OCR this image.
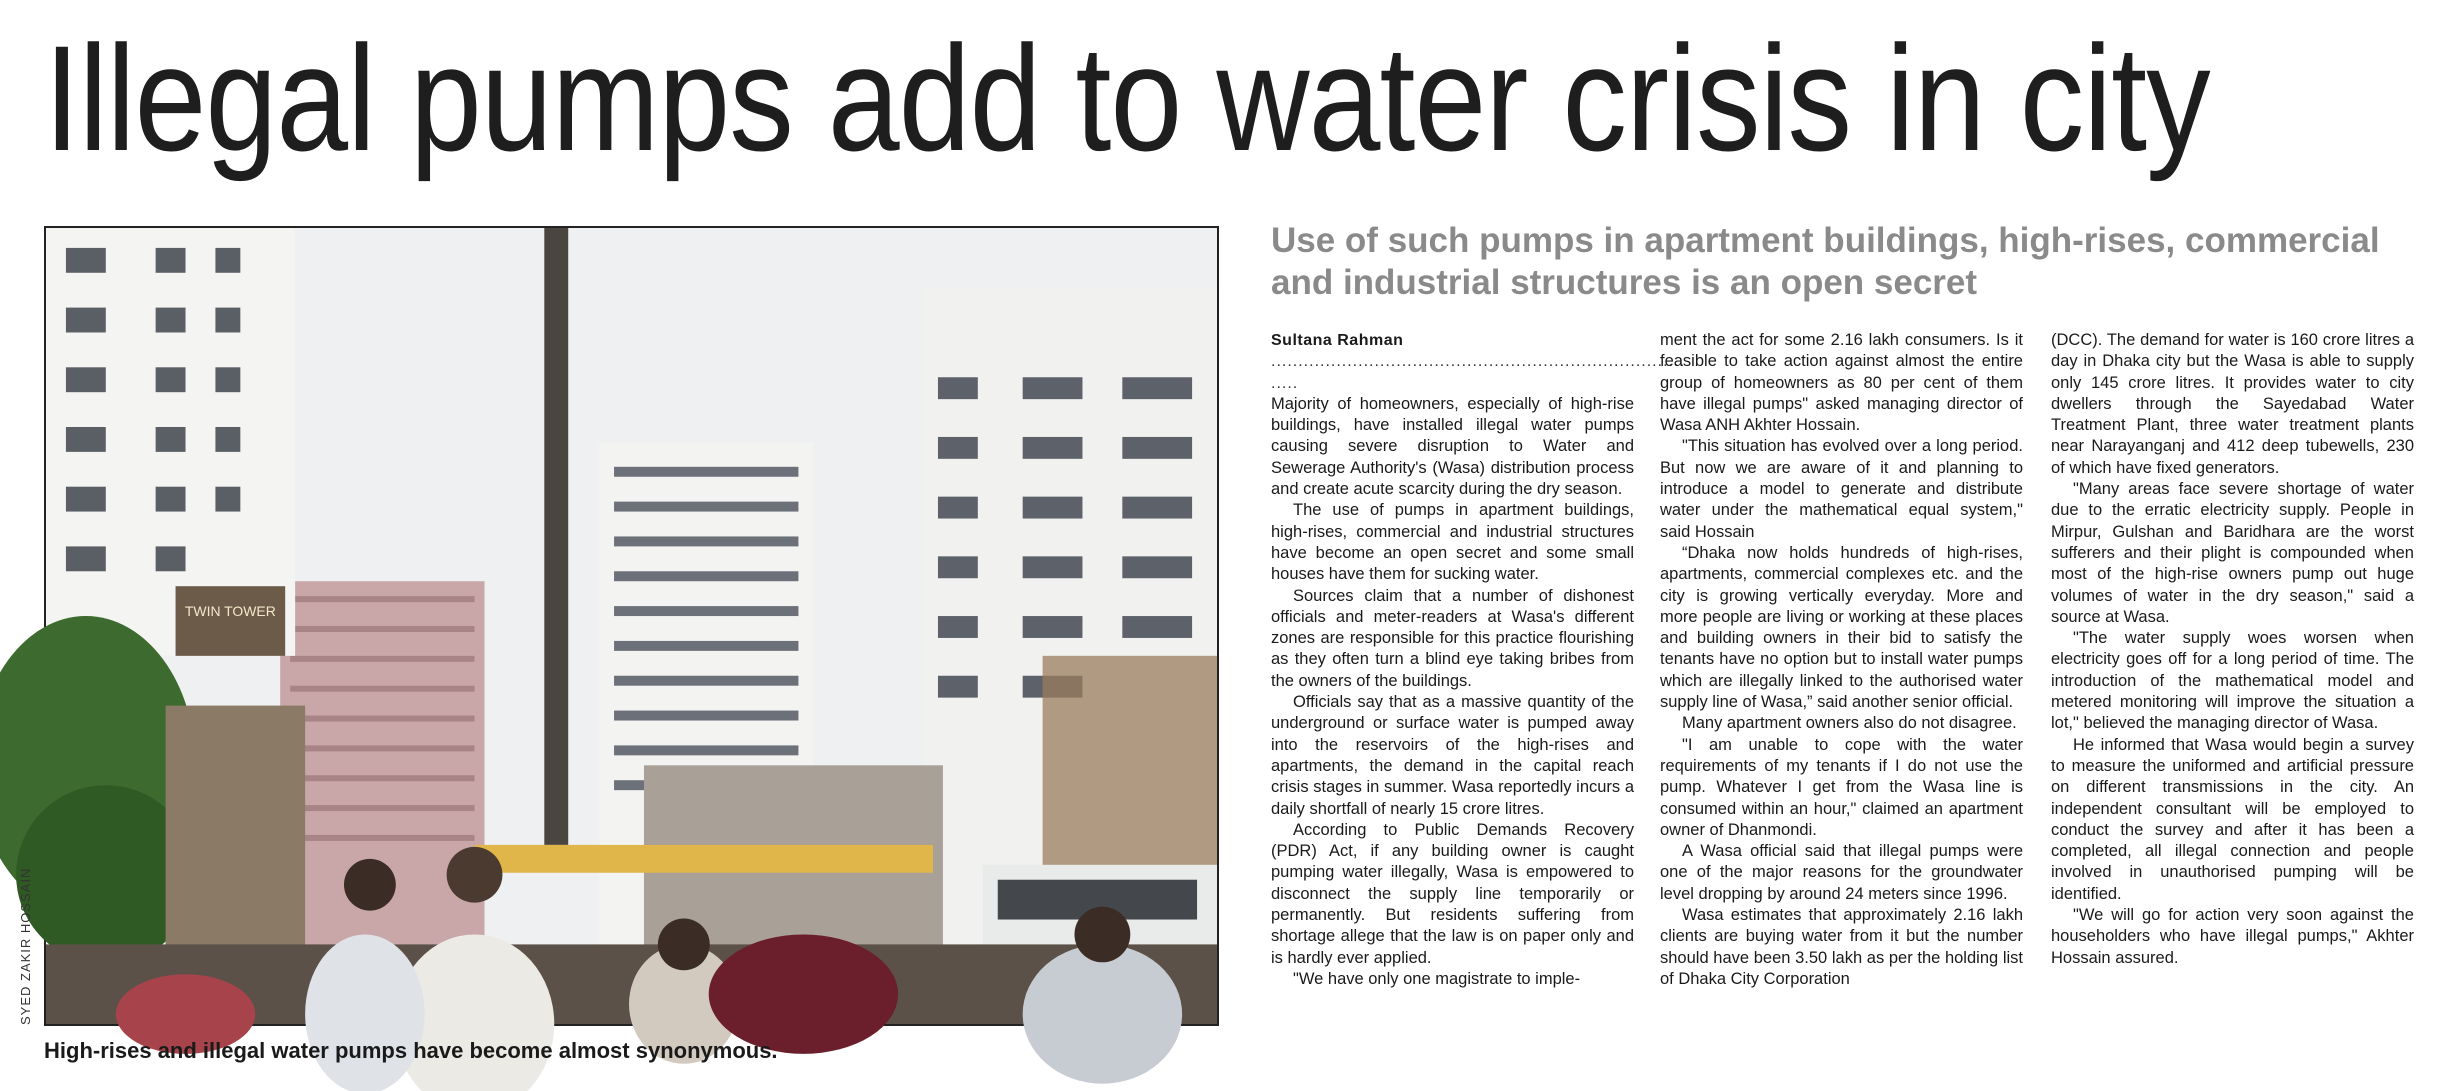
Illegal pumps add to water crisis in city
TWIN TOWER
SYED ZAKIR HOSSAIN
High-rises and illegal water pumps have become almost synonymous.
Use of such pumps in apartment buildings, high-rises, commercial and industrial structures is an open secret
Sultana Rahman
............................................................................
.....

Majority of homeowners, especially of high-rise buildings, have installed illegal water pumps causing severe disruption to Water and Sewerage Authority's (Wasa) distribution process and create acute scarcity during the dry season.

The use of pumps in apartment buildings, high-rises, commercial and industrial structures have become an open secret and some small houses have them for sucking water.

Sources claim that a number of dishonest officials and meter-readers at Wasa's different zones are responsible for this practice flourishing as they often turn a blind eye taking bribes from the owners of the buildings.

Officials say that as a massive quantity of the underground or surface water is pumped away into the reservoirs of the high-rises and apartments, the demand in the capital reach crisis stages in summer. Wasa reportedly incurs a daily shortfall of nearly 15 crore litres.

According to Public Demands Recovery (PDR) Act, if any building owner is caught pumping water illegally, Wasa is empowered to disconnect the supply line temporarily or permanently. But residents suffering from shortage allege that the law is on paper only and is hardly ever applied.

"We have only one magistrate to imple-

ment the act for some 2.16 lakh consumers. Is it feasible to take action against almost the entire group of homeowners as 80 per cent of them have illegal pumps" asked managing director of Wasa ANH Akhter Hossain.

"This situation has evolved over a long period. But now we are aware of it and planning to introduce a model to generate and distribute water under the mathematical equal system," said Hossain

“Dhaka now holds hundreds of high-rises, apartments, commercial complexes etc. and the city is growing vertically everyday. More and more people are living or working at these places and building owners in their bid to satisfy the tenants have no option but to install water pumps which are illegally linked to the authorised water supply line of Wasa,” said another senior official.

Many apartment owners also do not disagree.

"I am unable to cope with the water requirements of my tenants if I do not use the pump. Whatever I get from the Wasa line is consumed within an hour," claimed an apartment owner of Dhanmondi.

A Wasa official said that illegal pumps were one of the major reasons for the groundwater level dropping by around 24 meters since 1996.

Wasa estimates that approximately 2.16 lakh clients are buying water from it but the number should have been 3.50 lakh as per the holding list of Dhaka City Corporation

(DCC). The demand for water is 160 crore litres a day in Dhaka city but the Wasa is able to supply only 145 crore litres. It provides water to city dwellers through the Sayedabad Water Treatment Plant, three water treatment plants near Narayanganj and 412 deep tubewells, 230 of which have fixed generators.

"Many areas face severe shortage of water due to the erratic electricity supply. People in Mirpur, Gulshan and Baridhara are the worst sufferers and their plight is compounded when most of the high-rise owners pump out huge volumes of water in the dry season," said a source at Wasa.

"The water supply woes worsen when electricity goes off for a long period of time. The introduction of the mathematical model and metered monitoring will improve the situation a lot," believed the managing director of Wasa.

He informed that Wasa would begin a survey to measure the uniformed and artificial pressure on different transmissions in the city. An independent consultant will be employed to conduct the survey and after it has been a completed, all illegal connection and people involved in unauthorised pumping will be identified.

"We will go for action very soon against the householders who have illegal pumps," Akhter Hossain assured.
